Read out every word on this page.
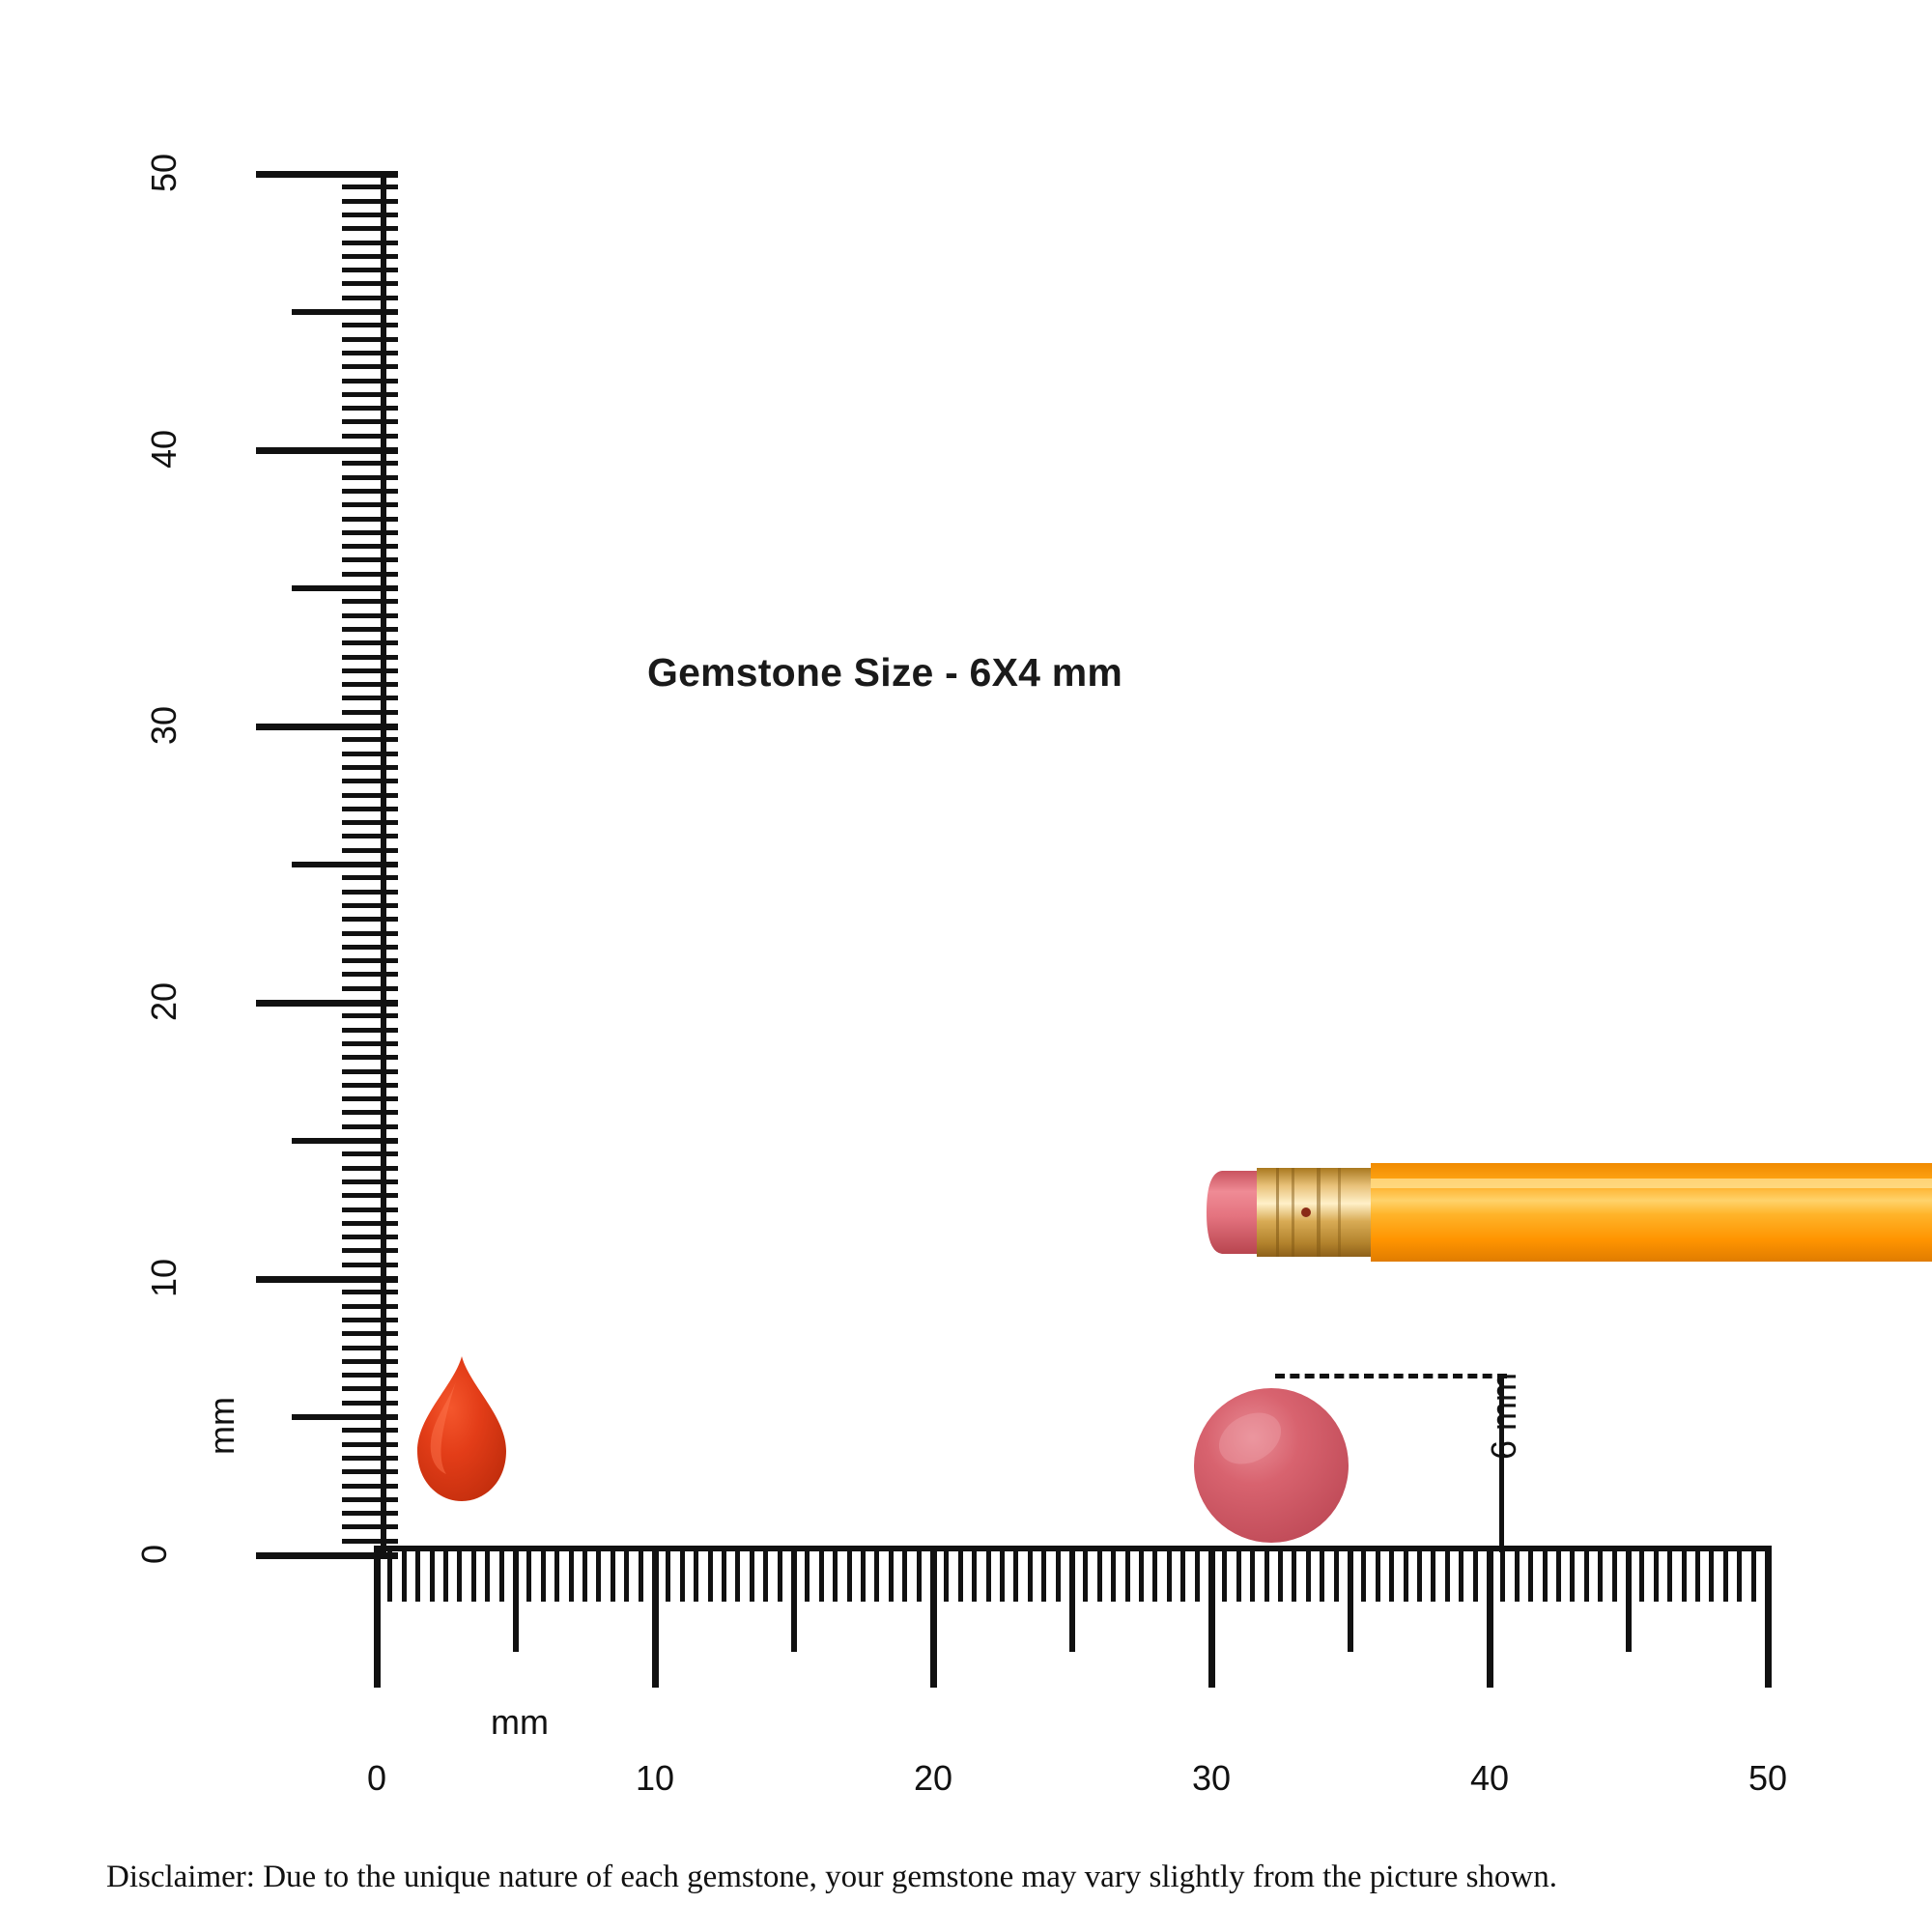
Gemstone Size - 6X4 mm
0
10
20
30
40
50
mm
0	10	20	30	40	50
mm
6 mm
Disclaimer: Due to the unique nature of each gemstone, your gemstone may vary slightly from the picture shown.
